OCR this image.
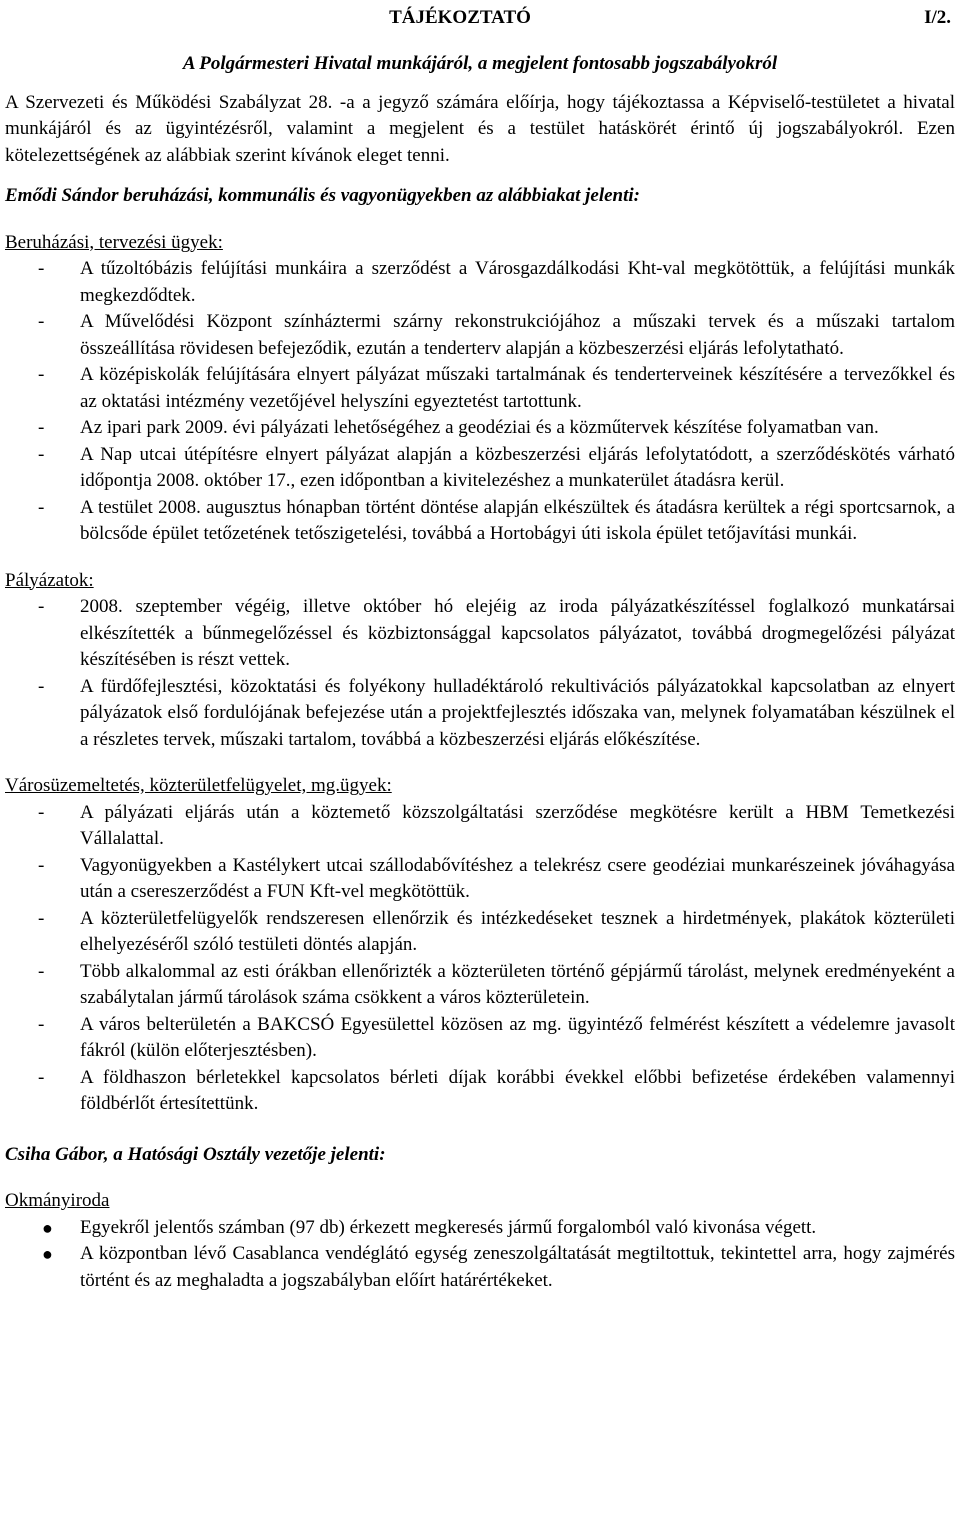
TÁJÉKOZTATÓ	I/2.
A Polgármesteri Hivatal munkájáról, a megjelent fontosabb jogszabályokról

A Szervezeti és Működési Szabályzat 28. -a a jegyző számára előírja, hogy tájékoztassa a Képviselő-testületet a hivatal munkájáról és az ügyintézésről, valamint a megjelent és a testület hatáskörét érintő új jogszabályokról. Ezen kötelezettségének az alábbiak szerint kívánok eleget tenni.

Emődi Sándor beruházási, kommunális és vagyonügyekben az alábbiakat jelenti:
Beruházási, tervezési ügyek:
- A tűzoltóbázis felújítási munkáira a szerződést a Városgazdálkodási Kht-val megkötöttük, a felújítási munkák megkezdődtek.
- A Művelődési Központ színháztermi szárny rekonstrukciójához a műszaki tervek és a műszaki tartalom összeállítása rövidesen befejeződik, ezután a tenderterv alapján a közbeszerzési eljárás lefolytatható.
- A középiskolák felújítására elnyert pályázat műszaki tartalmának és tenderterveinek készítésére a tervezőkkel és az oktatási intézmény vezetőjével helyszíni egyeztetést tartottunk.
- Az ipari park 2009. évi pályázati lehetőségéhez a geodéziai és a közműtervek készítése folyamatban van.
- A Nap utcai útépítésre elnyert pályázat alapján a közbeszerzési eljárás lefolytatódott, a szerződéskötés várható időpontja 2008. október 17., ezen időpontban a kivitelezéshez a munkaterület átadásra kerül.
- A testület 2008. augusztus hónapban történt döntése alapján elkészültek és átadásra kerültek a régi sportcsarnok, a bölcsőde épület tetőzetének tetőszigetelési, továbbá a Hortobágyi úti iskola épület tetőjavítási munkái.
Pályázatok:
- 2008. szeptember végéig, illetve október hó elejéig az iroda pályázatkészítéssel foglalkozó munkatársai elkészítették a bűnmegelőzéssel és közbiztonsággal kapcsolatos pályázatot, továbbá drogmegelőzési pályázat készítésében is részt vettek.
- A fürdőfejlesztési, közoktatási és folyékony hulladéktároló rekultivációs pályázatokkal kapcsolatban az elnyert pályázatok első fordulójának befejezése után a projektfejlesztés időszaka van, melynek folyamatában készülnek el a részletes tervek, műszaki tartalom, továbbá a közbeszerzési eljárás előkészítése.
Városüzemeltetés, közterületfelügyelet, mg.ügyek:
- A pályázati eljárás után a köztemető közszolgáltatási szerződése megkötésre került a HBM Temetkezési Vállalattal.
- Vagyonügyekben a Kastélykert utcai szállodabővítéshez a telekrész csere geodéziai munkarészeinek jóváhagyása után a csereszerződést a FUN Kft-vel megkötöttük.
- A közterületfelügyelők rendszeresen ellenőrzik és intézkedéseket tesznek a hirdetmények, plakátok közterületi elhelyezéséről szóló testületi döntés alapján.
- Több alkalommal az esti órákban ellenőrizték a közterületen történő gépjármű tárolást, melynek eredményeként a szabálytalan jármű tárolások száma csökkent a város közterületein.
- A város belterületén a BAKCSÓ Egyesülettel közösen az mg. ügyintéző felmérést készített a védelemre javasolt fákról (külön előterjesztésben).
- A földhaszon bérletekkel kapcsolatos bérleti díjak korábbi évekkel előbbi befizetése érdekében valamennyi földbérlőt értesítettünk.
Csiha Gábor, a Hatósági Osztály vezetője jelenti:
Okmányiroda
● Egyekről jelentős számban (97 db) érkezett megkeresés jármű forgalomból való kivonása végett.
● A központban lévő Casablanca vendéglátó egység zeneszolgáltatását megtiltottuk, tekintettel arra, hogy zajmérés történt és az meghaladta a jogszabályban előírt határértékeket.
